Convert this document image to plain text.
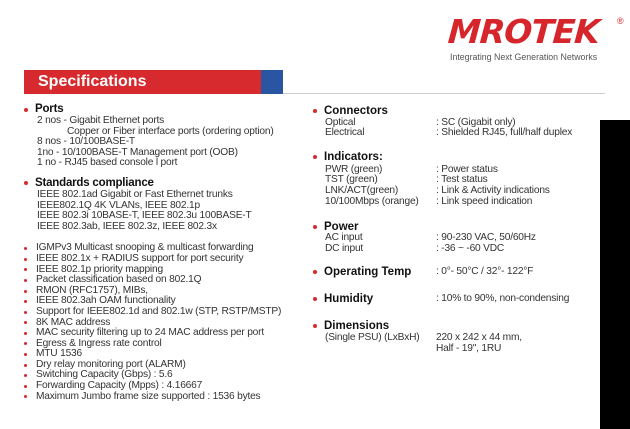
MROTEK ®
Integrating Next Generation Networks
Specifications
Ports
2 nos - Gigabit Ethernet ports
Copper or Fiber interface ports (ordering option)
8 nos - 10/100BASE-T
1no - 10/100BASE-T Management port (OOB)
1 no - RJ45 based console l port
Standards compliance
IEEE 802.1ad Gigabit or Fast Ethernet trunks
IEEE802.1Q 4K VLANs, IEEE 802.1p
IEEE 802.3i 10BASE-T, IEEE 802.3u 100BASE-T
IEEE 802.3ab, IEEE 802.3z, IEEE 802.3x
IGMPv3 Multicast snooping & multicast forwarding
IEEE 802.1x + RADIUS support for port security
IEEE 802.1p priority mapping
Packet classification based on 802.1Q
RMON (RFC1757), MIBs,
IEEE 802.3ah OAM functionality
Support for IEEE802.1d and 802.1w (STP, RSTP/MSTP)
8K MAC address
MAC security filtering up to 24 MAC address per port
Egress & Ingress rate control
MTU 1536
Dry relay monitoring port (ALARM)
Switching Capacity (Gbps) : 5.6
Forwarding Capacity (Mpps) : 4.16667
Maximum Jumbo frame size supported : 1536 bytes
Connectors
Optical	: SC (Gigabit only)
Electrical	: Shielded RJ45, full/half duplex
Indicators:
PWR (green)	: Power status
TST (green)	: Test status
LNK/ACT(green)	: Link & Activity indications
10/100Mbps (orange) : Link speed indication
Power
AC input	: 90-230 VAC, 50/60Hz
DC input	: -36 ~ -60 VDC
Operating Temp : 0°- 50°C / 32°- 122°F
Humidity	: 10% to 90%, non-condensing
Dimensions
(Single PSU) (LxBxH) 220 x 242 x 44 mm,
Half - 19", 1RU
